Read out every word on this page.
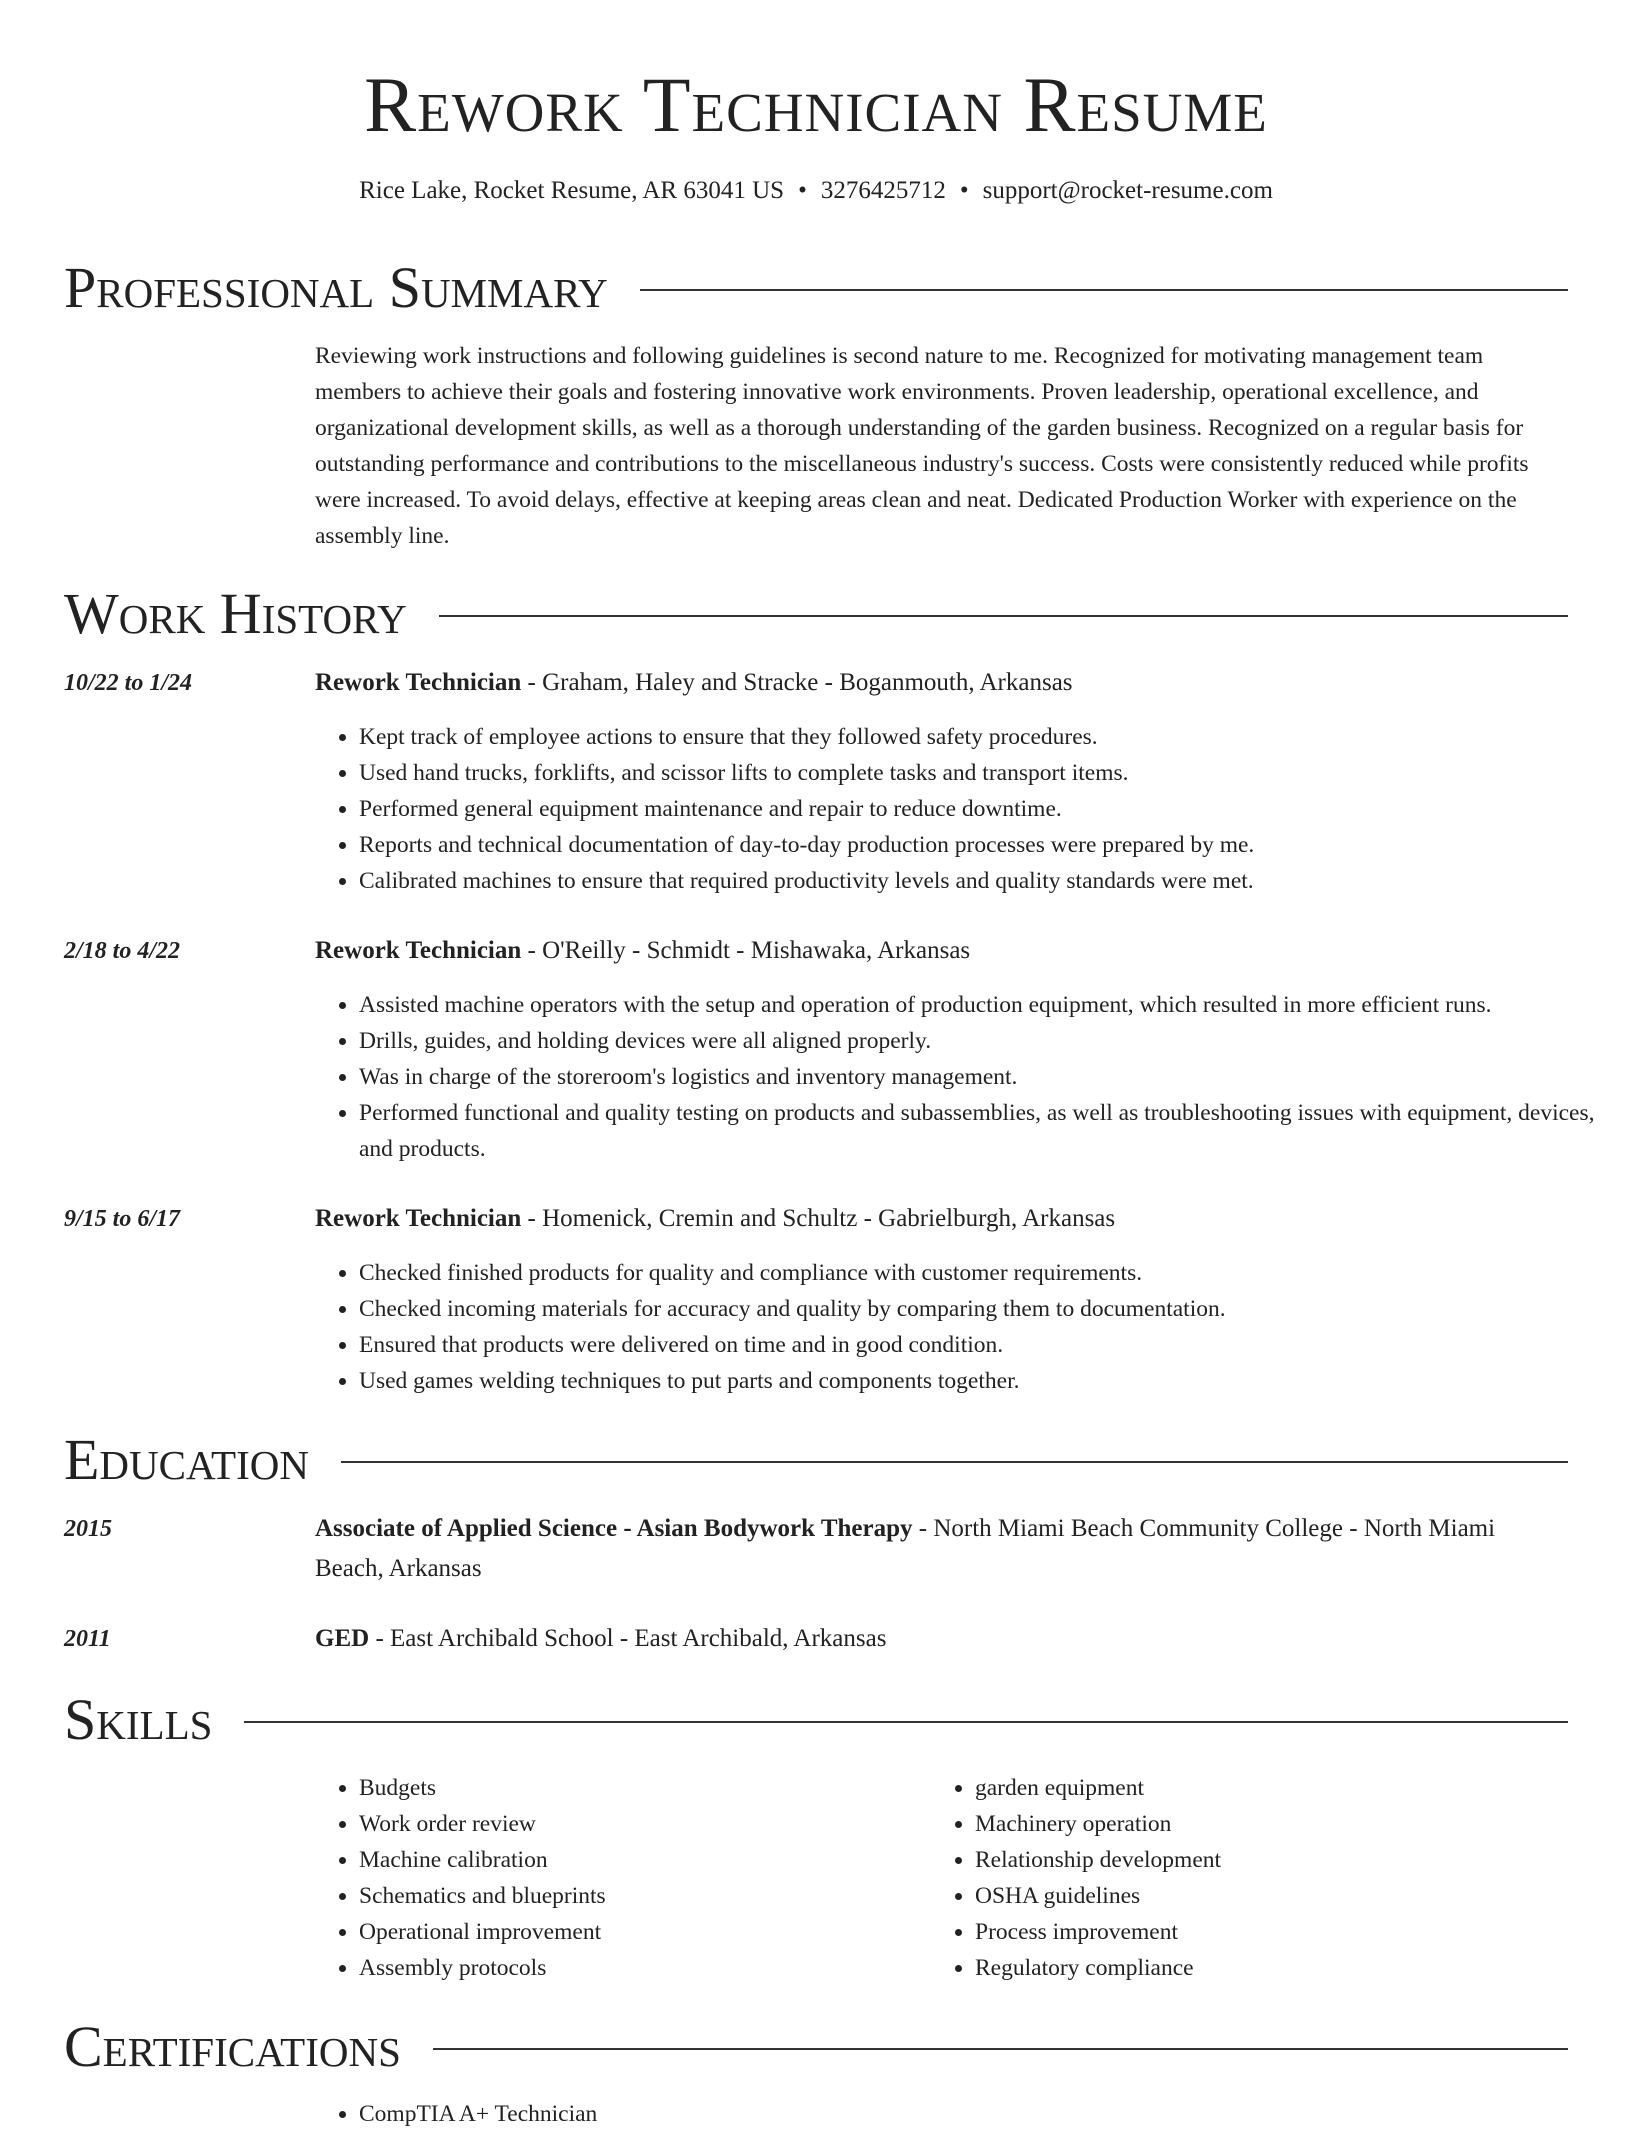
Rework Technician Resume
Rice Lake, Rocket Resume, AR 63041 US • 3276425712 • support@rocket-resume.com
Professional Summary

Reviewing work instructions and following guidelines is second nature to me. Recognized for motivating management team members to achieve their goals and fostering innovative work environments. Proven leadership, operational excellence, and organizational development skills, as well as a thorough understanding of the garden business. Recognized on a regular basis for outstanding performance and contributions to the miscellaneous industry's success. Costs were consistently reduced while profits were increased. To avoid delays, effective at keeping areas clean and neat. Dedicated Production Worker with experience on the assembly line.

Work History
10/22 to 1/24	Rework Technician - Graham, Haley and Stracke - Boganmouth, Arkansas
• Kept track of employee actions to ensure that they followed safety procedures.
• Used hand trucks, forklifts, and scissor lifts to complete tasks and transport items.
• Performed general equipment maintenance and repair to reduce downtime.
• Reports and technical documentation of day-to-day production processes were prepared by me.
• Calibrated machines to ensure that required productivity levels and quality standards were met.
2/18 to 4/22	Rework Technician - O'Reilly - Schmidt - Mishawaka, Arkansas
• Assisted machine operators with the setup and operation of production equipment, which resulted in more efficient runs.
• Drills, guides, and holding devices were all aligned properly.
• Was in charge of the storeroom's logistics and inventory management.
• Performed functional and quality testing on products and subassemblies, as well as troubleshooting issues with equipment, devices, and products.
9/15 to 6/17	Rework Technician - Homenick, Cremin and Schultz - Gabrielburgh, Arkansas
• Checked finished products for quality and compliance with customer requirements.
• Checked incoming materials for accuracy and quality by comparing them to documentation.
• Ensured that products were delivered on time and in good condition.
• Used games welding techniques to put parts and components together.
Education
2015	Associate of Applied Science - Asian Bodywork Therapy - North Miami Beach Community College - North Miami Beach, Arkansas
2011	GED - East Archibald School - East Archibald, Arkansas
Skills
• Budgets
• Work order review
• Machine calibration
• Schematics and blueprints
• Operational improvement
• Assembly protocols
• garden equipment
• Machinery operation
• Relationship development
• OSHA guidelines
• Process improvement
• Regulatory compliance
Certifications
• CompTIA A+ Technician
